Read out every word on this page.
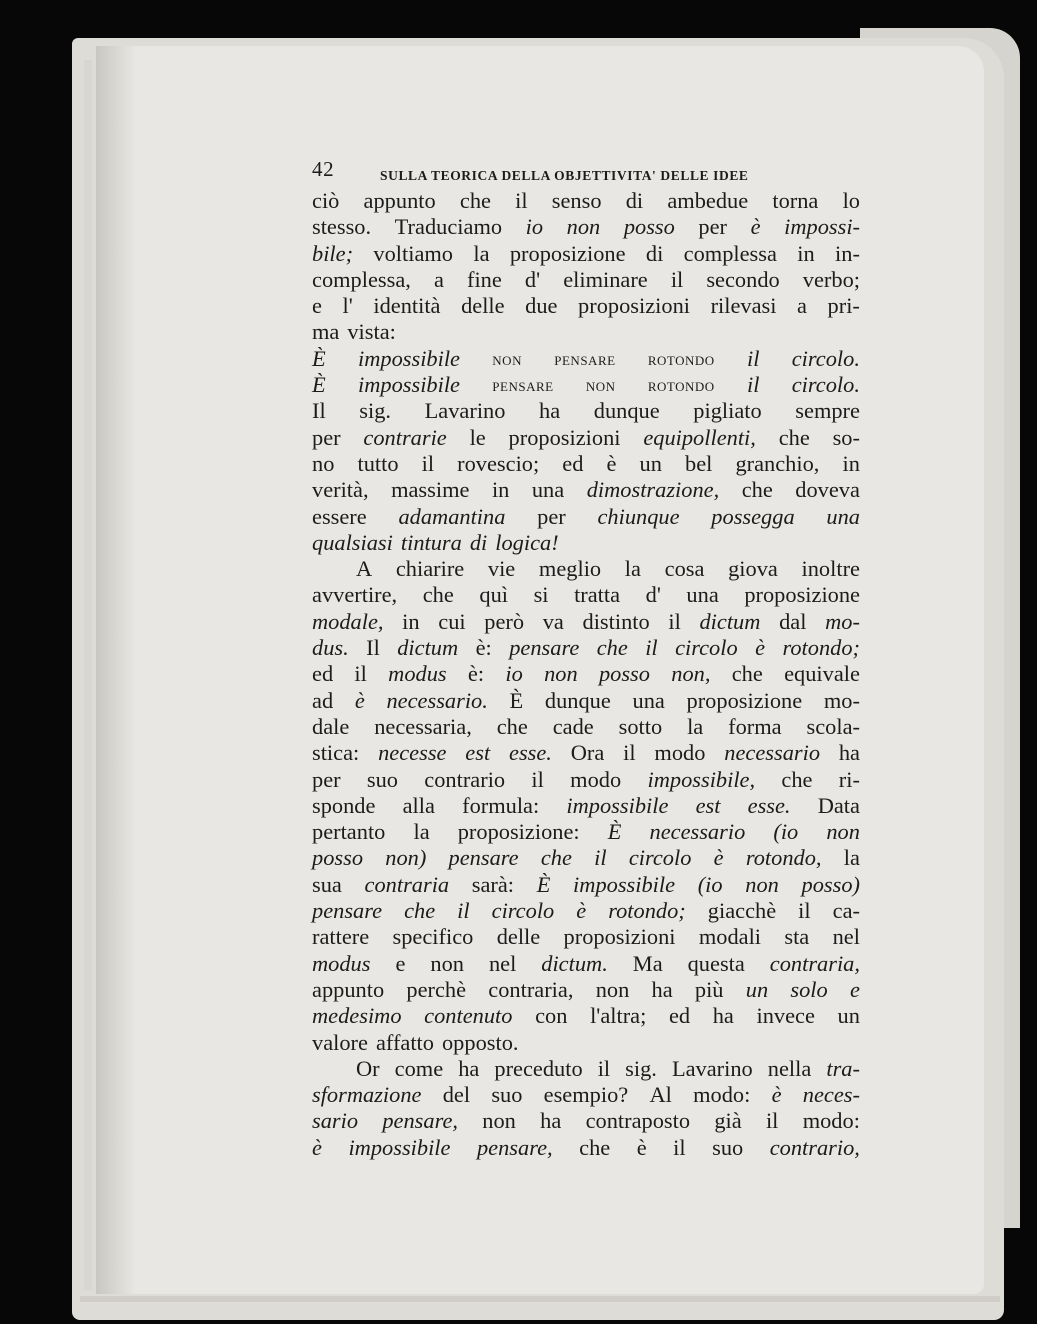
42	SULLA TEORICA DELLA OBJETTIVITA' DELLE IDEE
ciò appunto che il senso di ambedue torna lo
stesso. Traduciamo io non posso per è impossi-
bile; voltiamo la proposizione di complessa in in-
complessa, a fine d' eliminare il secondo verbo;
e l' identità delle due proposizioni rilevasi a pri-
ma vista:
È impossibile non pensare rotondo il circolo.
È impossibile pensare non rotondo il circolo.
Il sig. Lavarino ha dunque pigliato sempre
per contrarie le proposizioni equipollenti, che so-
no tutto il rovescio; ed è un bel granchio, in
verità, massime in una dimostrazione, che doveva
essere adamantina per chiunque possegga una
qualsiasi tintura di logica!
A chiarire vie meglio la cosa giova inoltre
avvertire, che quì si tratta d' una proposizione
modale, in cui però va distinto il dictum dal mo-
dus. Il dictum è: pensare che il circolo è rotondo;
ed il modus è: io non posso non, che equivale
ad è necessario. È dunque una proposizione mo-
dale necessaria, che cade sotto la forma scola-
stica: necesse est esse. Ora il modo necessario ha
per suo contrario il modo impossibile, che ri-
sponde alla formula: impossibile est esse. Data
pertanto la proposizione: È necessario (io non
posso non) pensare che il circolo è rotondo, la
sua contraria sarà: È impossibile (io non posso)
pensare che il circolo è rotondo; giacchè il ca-
rattere specifico delle proposizioni modali sta nel
modus e non nel dictum. Ma questa contraria,
appunto perchè contraria, non ha più un solo e
medesimo contenuto con l'altra; ed ha invece un
valore affatto opposto.
Or come ha preceduto il sig. Lavarino nella tra-
sformazione del suo esempio? Al modo: è neces-
sario pensare, non ha contraposto già il modo:
è impossibile pensare, che è il suo contrario,
